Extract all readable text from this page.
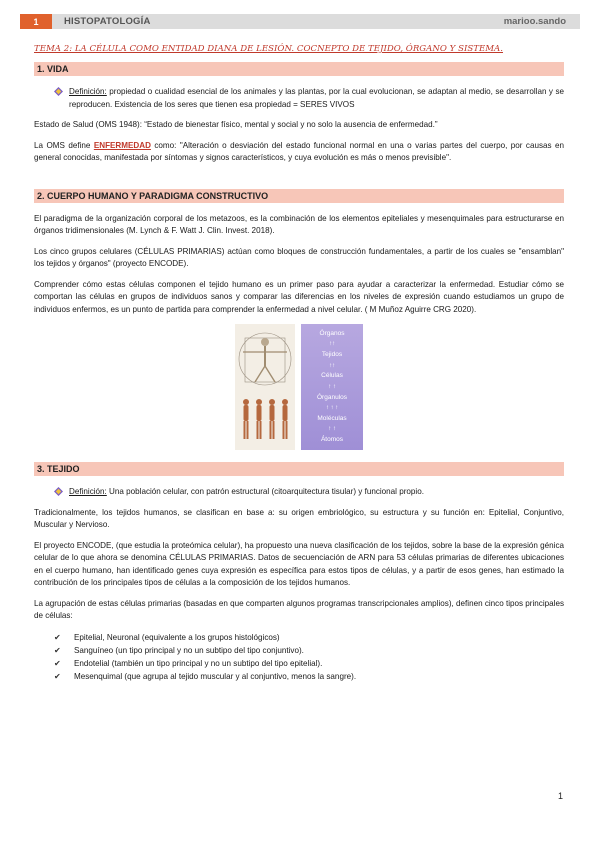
1	HISTOPATOLOGÍA	marioo.sando
TEMA 2: LA CÉLULA COMO ENTIDAD DIANA DE LESIÓN. COCNEPTO DE TEJIDO, ÓRGANO Y SISTEMA.
1. VIDA

Definición: propiedad o cualidad esencial de los animales y las plantas, por la cual evolucionan, se adaptan al medio, se desarrollan y se reproducen. Existencia de los seres que tienen esa propiedad = SERES VIVOS

Estado de Salud (OMS 1948): “Estado de bienestar físico, mental y social y no solo la ausencia de enfermedad.”

La OMS define ENFERMEDAD como: "Alteración o desviación del estado funcional normal en una o varias partes del cuerpo, por causas en general conocidas, manifestada por síntomas y signos característicos, y cuya evolución es más o menos previsible".

2. CUERPO HUMANO Y PARADIGMA CONSTRUCTIVO

El paradigma de la organización corporal de los metazoos, es la combinación de los elementos epiteliales y mesenquimales para estructurarse en órganos tridimensionales (M. Lynch & F. Watt J. Clin. Invest. 2018).

Los cinco grupos celulares (CÉLULAS PRIMARIAS) actúan como bloques de construcción fundamentales, a partir de los cuales se "ensamblan" los tejidos y órganos" (proyecto ENCODE).

Comprender cómo estas células componen el tejido humano es un primer paso para ayudar a caracterizar la enfermedad. Estudiar cómo se comportan las células en grupos de individuos sanos y comparar las diferencias en los niveles de expresión cuando estudiamos un grupo de individuos enfermos, es un punto de partida para comprender la enfermedad a nivel celular. ( M Muñoz Aguirre CRG 2020).

Órganos
↑↑
Tejidos
↑↑
Células
↑ ↑
Órganulos
↑ ↑ ↑
Moléculas
↑ ↑
Átomos
3. TEJIDO

Definición: Una población celular, con patrón estructural (citoarquitectura tisular) y funcional propio.

Tradicionalmente, los tejidos humanos, se clasifican en base a: su origen embriológico, su estructura y su función en: Epitelial, Conjuntivo, Muscular y Nervioso.

El proyecto ENCODE, (que estudia la proteómica celular), ha propuesto una nueva clasificación de los tejidos, sobre la base de la expresión génica celular de lo que ahora se denomina CÉLULAS PRIMARIAS. Datos de secuenciación de ARN para 53 células primarias de diferentes ubicaciones en el cuerpo humano, han identificado genes cuya expresión es específica para estos tipos de células, y a partir de esos genes, han estimado la contribución de los principales tipos de células a la composición de los tejidos humanos.

La agrupación de estas células primarias (basadas en que comparten algunos programas transcripcionales amplios), definen cinco tipos principales de células:

✔	Epitelial, Neuronal (equivalente a los grupos histológicos)
✔	Sanguíneo (un tipo principal y no un subtipo del tipo conjuntivo).
✔	Endotelial (también un tipo principal y no un subtipo del tipo epitelial).
✔	Mesenquimal (que agrupa al tejido muscular y al conjuntivo, menos la sangre).
1
